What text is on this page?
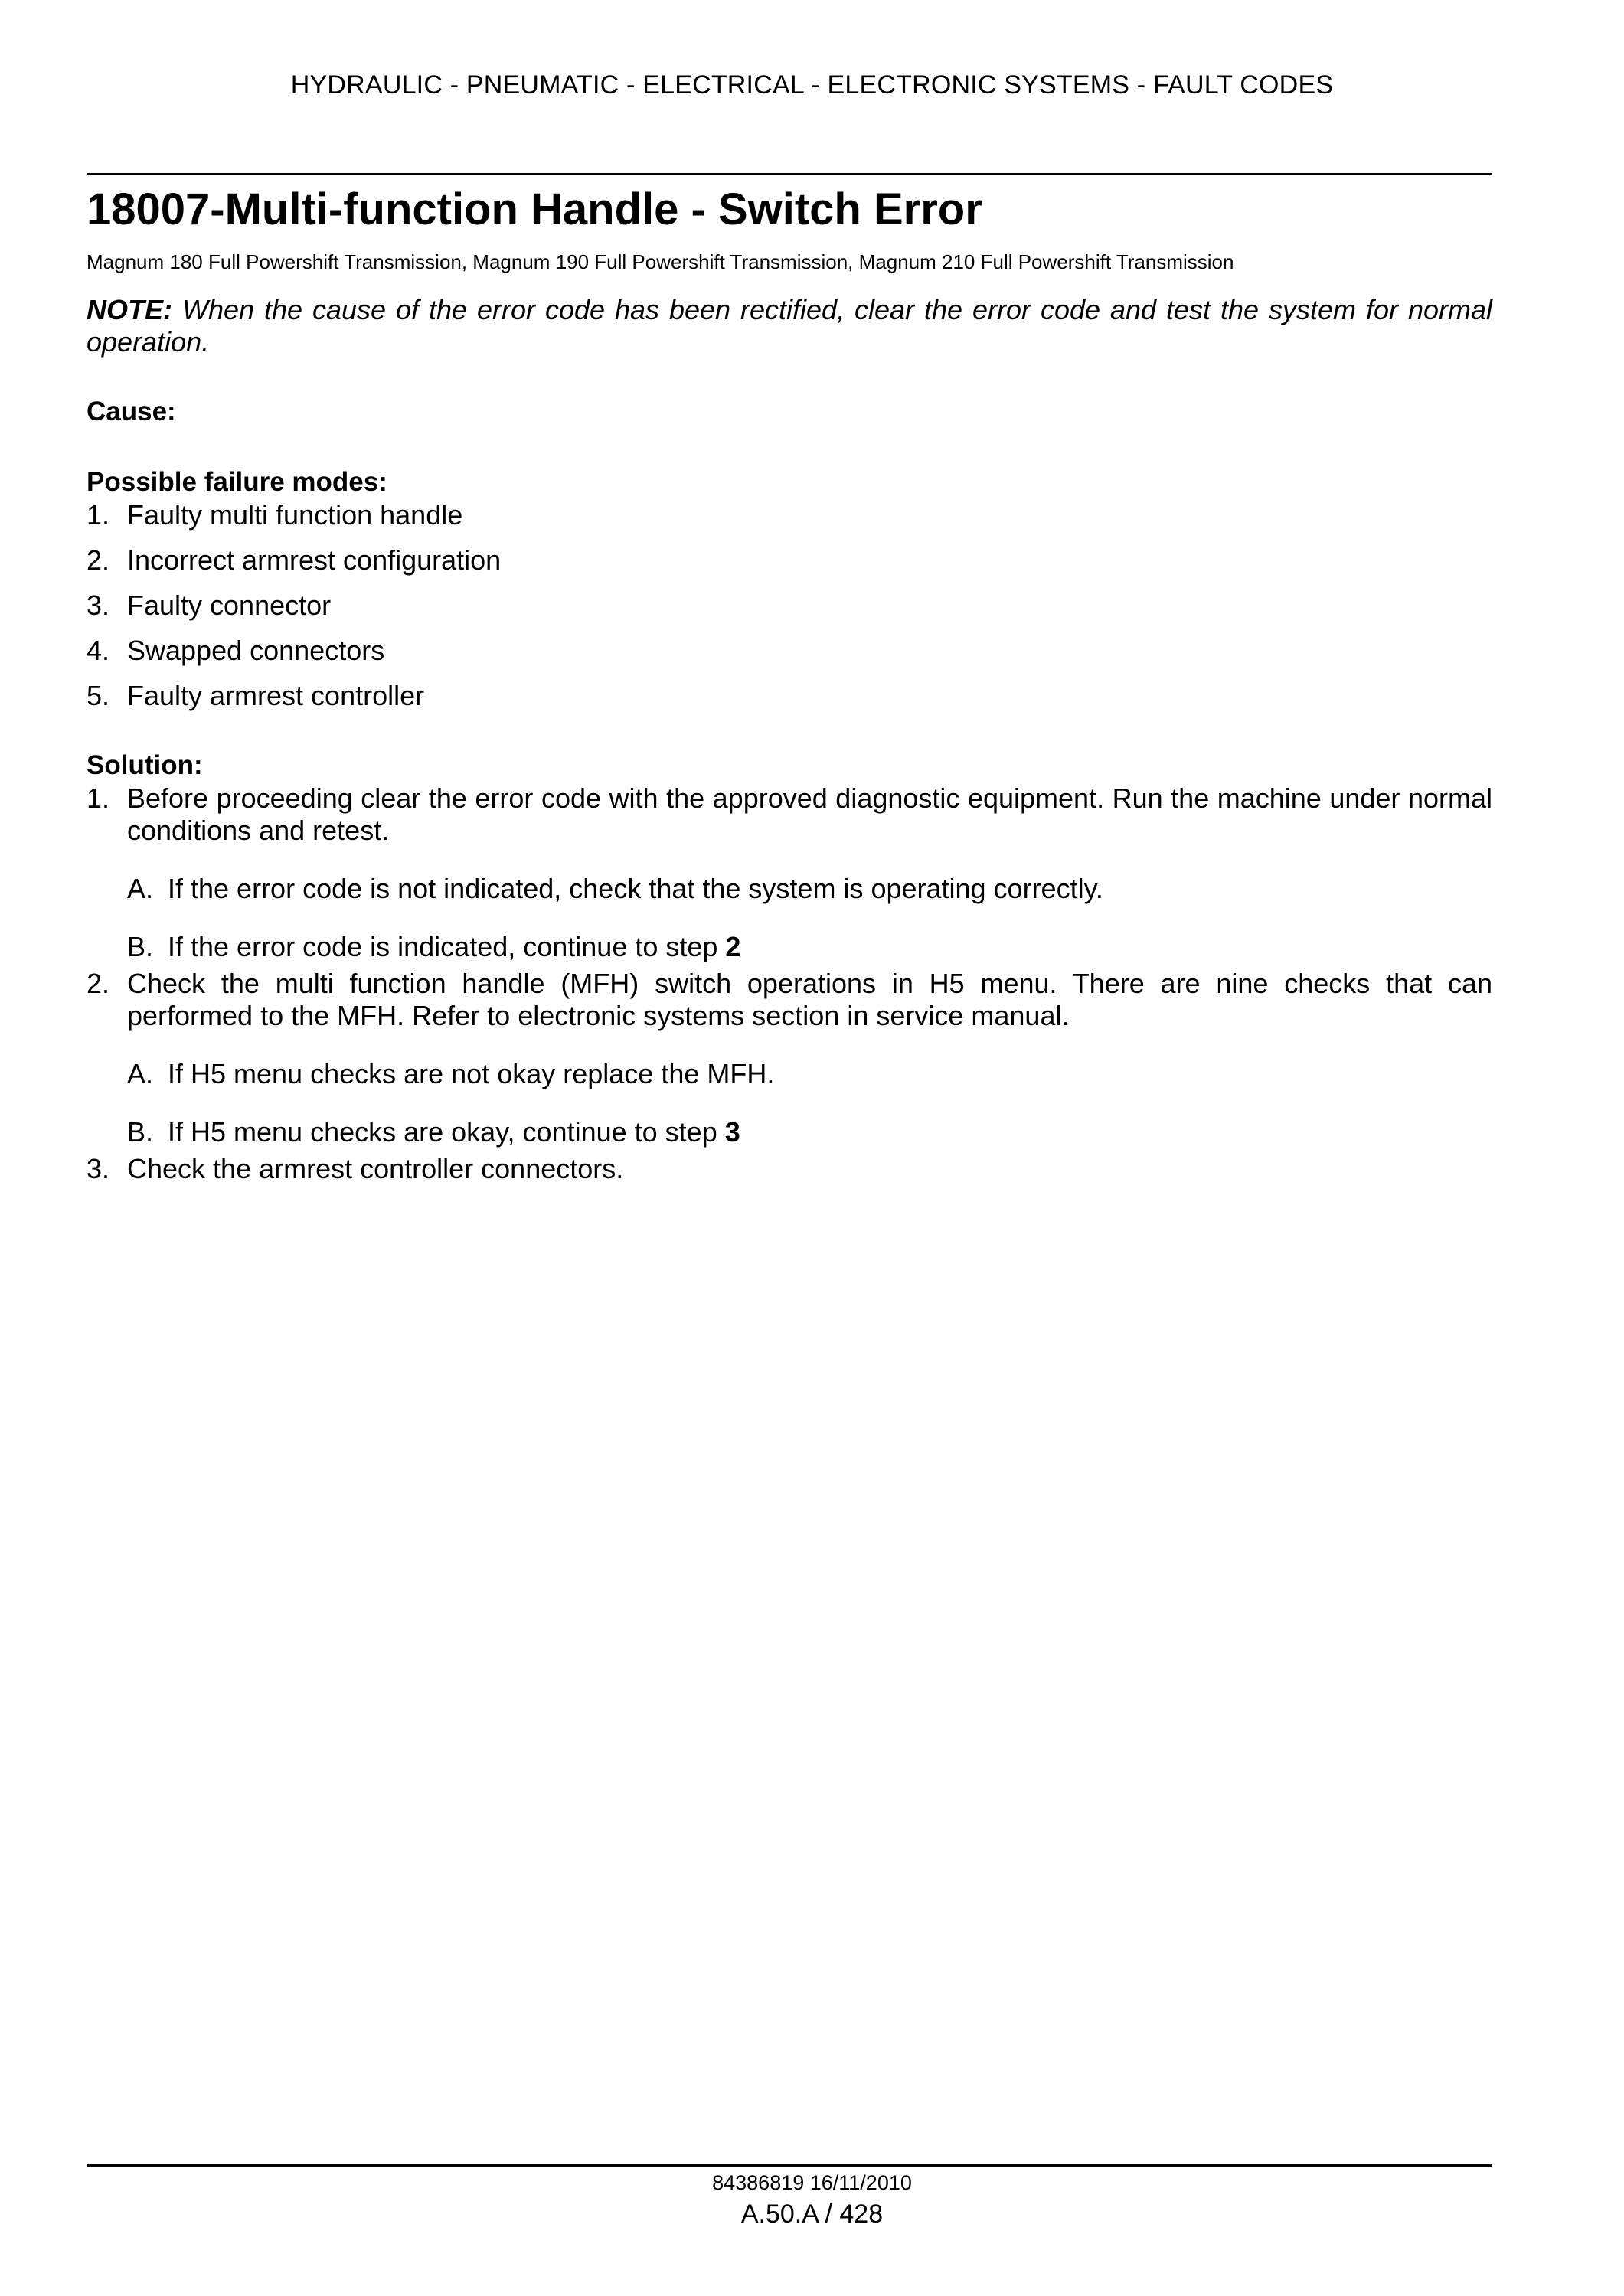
HYDRAULIC - PNEUMATIC - ELECTRICAL - ELECTRONIC SYSTEMS - FAULT CODES
18007-Multi-function Handle - Switch Error
Magnum 180 Full Powershift Transmission, Magnum 190 Full Powershift Transmission, Magnum 210 Full Powershift Transmission
NOTE: When the cause of the error code has been rectified, clear the error code and test the system for normal operation.
Cause:
Possible failure modes:
1. Faulty multi function handle
2. Incorrect armrest configuration
3. Faulty connector
4. Swapped connectors
5. Faulty armrest controller
Solution:
1. Before proceeding clear the error code with the approved diagnostic equipment. Run the machine under normal conditions and retest.
A. If the error code is not indicated, check that the system is operating correctly.
B. If the error code is indicated, continue to step 2
2. Check the multi function handle (MFH) switch operations in H5 menu. There are nine checks that can performed to the MFH. Refer to electronic systems section in service manual.
A. If H5 menu checks are not okay replace the MFH.
B. If H5 menu checks are okay, continue to step 3
3. Check the armrest controller connectors.
84386819 16/11/2010
A.50.A / 428
